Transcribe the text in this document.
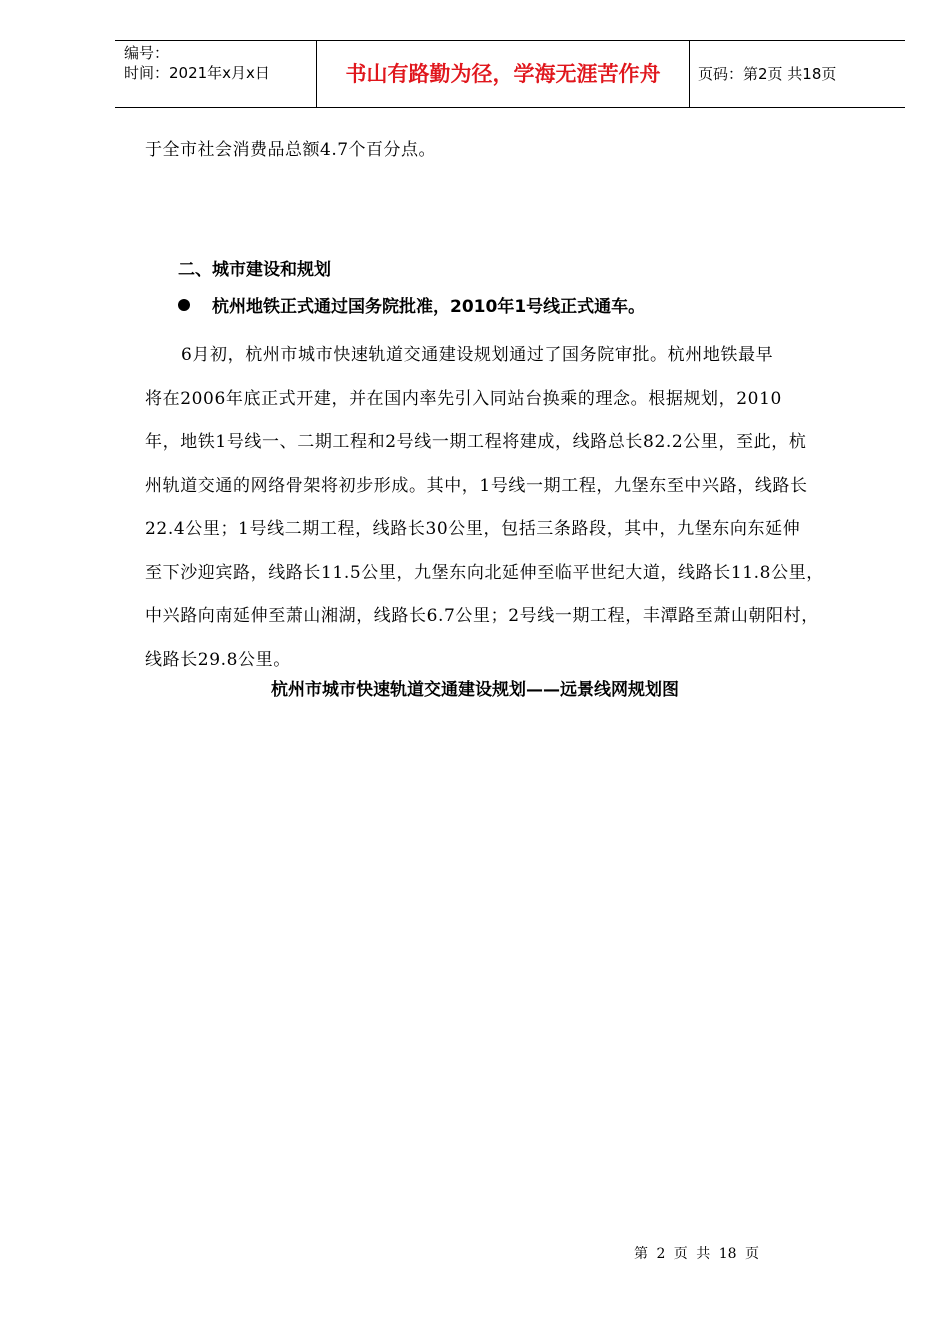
编号：
时间：2021年x月x日	书山有路勤为径，学海无涯苦作舟	页码：第2页 共18页
于全市社会消费品总额4.7个百分点。
二、城市建设和规划
杭州地铁正式通过国务院批准，2010年1号线正式通车。
6月初，杭州市城市快速轨道交通建设规划通过了国务院审批。杭州地铁最早
将在2006年底正式开建，并在国内率先引入同站台换乘的理念。根据规划，2010
年，地铁1号线一、二期工程和2号线一期工程将建成，线路总长82.2公里，至此，杭
州轨道交通的网络骨架将初步形成。其中，1号线一期工程，九堡东至中兴路，线路长
22.4公里；1号线二期工程，线路长30公里，包括三条路段，其中，九堡东向东延伸
至下沙迎宾路，线路长11.5公里，九堡东向北延伸至临平世纪大道，线路长11.8公里，
中兴路向南延伸至萧山湘湖，线路长6.7公里；2号线一期工程，丰潭路至萧山朝阳村，
线路长29.8公里。
杭州市城市快速轨道交通建设规划——远景线网规划图
第 2 页 共 18 页
